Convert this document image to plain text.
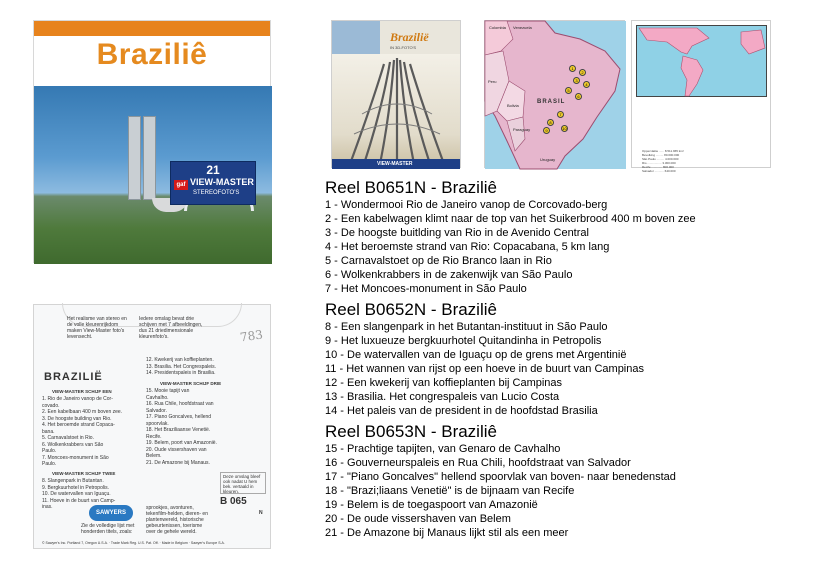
Braziliê
21
gaf VIEW-MASTER
STEREOFOTO'S
Het realisme van stereo en de volle kleurenrijkdom maken View-Master foto's levensecht.
Iedere omslag bevat drie schijven met 7 afbeeldingen, dus 21 driedimensionale kleurenfoto's.	783
BRAZILIË
VIEW-MASTER SCHIJF EEN
1. Rio de Janeiro vanop de Cor-
covado.
2. Een kabelbaan 400 m boven zee.
3. De hoogste building van Rio.
4. Het beroemde strand Copaca-
bana.
5. Carnavalstoet in Rio.
6. Wolkenkrabbers van São
Paulo.
7. Moncoes-monument in São
Paulo.
VIEW-MASTER SCHIJF TWEE
8. Slangenpark in Butantan.
9. Bergkuurhotel in Petropolis.
10. De watervallen van Iguaçu.
11. Hoeve in de buurt van Camp-
inas.
12. Kwekerij van koffieplanten.
13. Brasilia. Het Congrespaleis.
14. Presidentspaleis in Brasilia.
VIEW-MASTER SCHIJF DRIE
15. Mooie tapijt van
Cavhalho.
16. Rua Chile, hoofdstraat van
Salvador.
17. Piano Goncalves, hellend
spoorvlak.
18. Het Braziliaanse Venetië.
Recife.
19. Belem, poort van Amazonië.
20. Oude vissershaven van
Belem.
21. De Amazone bij Manaus.
Deze omslag bleef ook nadat U hem bek. vertaald in kleuren.
B 065
N
SAWYERS
Zie de volledige lijst met honderden titels, zoals:
sprookjes, avonturen, tekenfilm-helden, dieren- en plantenwereld, historische gebeurtenissen, toerisme over de gehele wereld.
© Sawyer's Inc. Portland 7, Oregon U.S.A. · Trade Mark Reg. U.S. Pat. Off. · Made in Belgium · Sawyer's Europe S.A.
Brazilië
IN 3D-FOTO'S
VIEW-MASTER
Colombia Venezuela
Peru
Bolivia
Paraguay
Uruguay
BRASIL
1
2
3
4
5
6
7
8
9	10
Oppervlakte ...... 8.511.965 km²
Bevolking ......... 80.000.000
São Paulo ......... 4.000.000
Rio ................. 3.300.000
Recife ............. 800.000
Salvador ........... 640.000
Reel B0651N - Braziliê
1 - Wondermooi Rio de Janeiro vanop de Corcovado-berg
2 - Een kabelwagen klimt naar de top van het Suikerbrood 400 m boven zee
3 - De hoogste buitlding van Rio in de Avenido Central
4 - Het beroemste strand van Rio: Copacabana, 5 km lang
5 - Carnavalstoet op de Rio Branco laan in Rio
6 - Wolkenkrabbers in de zakenwijk van São Paulo
7 - Het Moncoes-monument in São Paulo
Reel B0652N - Braziliê
8 - Een slangenpark in het Butantan-instituut in São Paulo
9 - Het luxueuze bergkuurhotel Quitandinha in Petropolis
10 - De watervallen van de Iguaçu op de grens met Argentinië
11 - Het wannen van rijst op een hoeve in de buurt van Campinas
12 - Een kwekerij van koffieplanten bij Campinas
13 - Brasilia. Het congrespaleis van Lucio Costa
14 - Het paleis van de president in de hoofdstad Brasilia
Reel B0653N - Braziliê
15 - Prachtige tapijten, van Genaro de Cavhalho
16 - Gouverneurspaleis en Rua Chili, hoofdstraat van Salvador
17 - "Piano Goncalves" hellend spoorvlak van boven- naar benedenstad
18 - "Brazi;liaans Venetië" is de bijnaam van Recife
19 - Belem is de toegaspoort van Amazonië
20 - De oude vissershaven van Belem
21 - De Amazone bij Manaus lijkt stil als een meer
